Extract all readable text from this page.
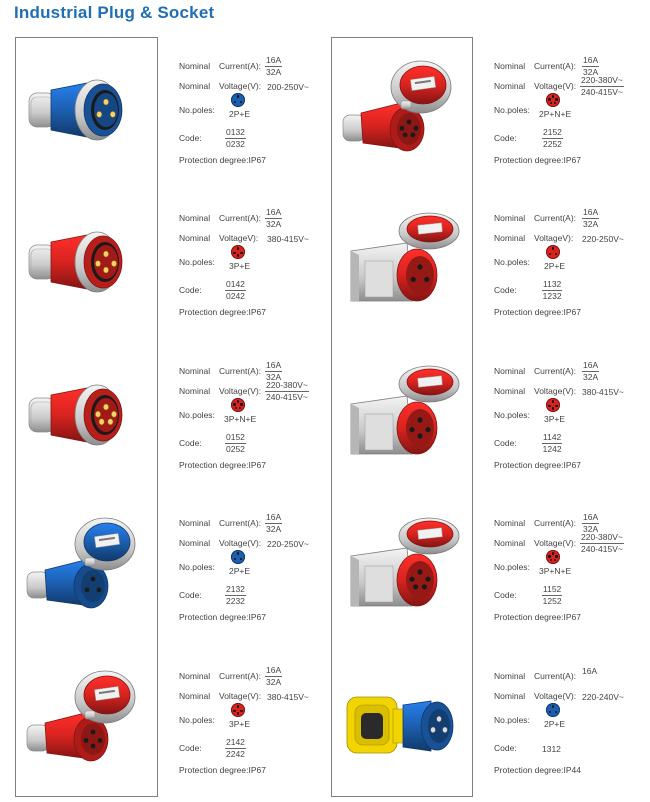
Industrial Plug & Socket
Nominal Current(A): $\frac{16A}{32A}$
Nominal Voltage(V): 200-250V~
No.poles: 2P+E
Code:	$\frac{0132}{0232}$
Protection degree:IP67
Nominal Current(A): $\frac{16A}{32A}$
Nominal VoltageV): 380-415V~
No.poles: 3P+E
Code:	$\frac{0142}{0242}$
Protection degree:IP67
Nominal Current(A): $\frac{16A}{32A}$
Nominal Voltage(V): $\frac{220-380V\sim}{240-415V\sim}$
No.poles: 3P+N+E
Code:	$\frac{0152}{0252}$
Protection degree:IP67
Nominal Current(A): $\frac{16A}{32A}$
Nominal Voltage(V): 220-250V~
No.poles: 2P+E
Code:	$\frac{2132}{2232}$
Protection degree:IP67
Nominal Current(A): $\frac{16A}{32A}$
Nominal Voltage(V): 380-415V~
No.poles: 3P+E
Code:	$\frac{2142}{2242}$
Protection degree:IP67
Nominal Current(A): $\frac{16A}{32A}$
Nominal Voltage(V): $\frac{220-380V\sim}{240-415V\sim}$
No.poles: 2P+N+E
Code:	$\frac{2152}{2252}$
Protection degree:IP67
Nominal Current(A): $\frac{16A}{32A}$
Nominal VoltageV): 220-250V~
No.poles: 2P+E
Code:	$\frac{1132}{1232}$
Protection degree:IP67
Nominal Current(A): $\frac{16A}{32A}$
Nominal Voltage(V): 380-415V~
No.poles: 3P+E
Code:	$\frac{1142}{1242}$
Protection degree:IP67
Nominal Current(A): $\frac{16A}{32A}$
Nominal Voltage(V): $\frac{220-380V\sim}{240-415V\sim}$
No.poles: 3P+N+E
Code:	$\frac{1152}{1252}$
Protection degree:IP67
Nominal Current(A): 16A
Nominal Voltage(V): 220-240V~
No.poles: 2P+E
Code:	1312
Protection degree:IP44
